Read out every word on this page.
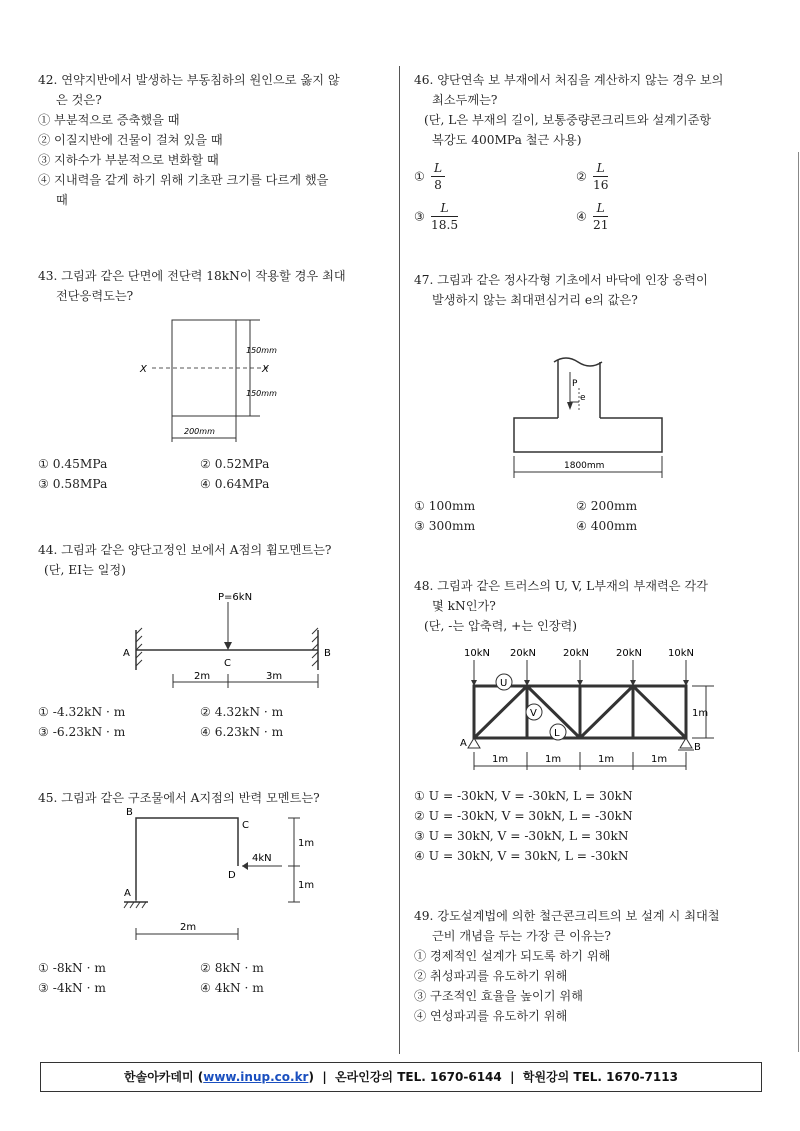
42. 연약지반에서 발생하는 부동침하의 원인으로 옳지 않

은 것은?

① 부분적으로 증축했을 때
② 이질지반에 건물이 걸쳐 있을 때
③ 지하수가 부분적으로 변화할 때
④ 지내력을 같게 하기 위해 기초판 크기를 다르게 했을
때

43. 그림과 같은 단면에 전단력 18kN이 작용할 경우 최대

전단응력도는?

X	X
150mm
150mm
200mm
① 0.45MPa	② 0.52MPa
③ 0.58MPa	④ 0.64MPa

44. 그림과 같은 양단고정인 보에서 A점의 휨모멘트는?

(단, EI는 일정)

P=6kN
A	B
C
2m	3m
① -4.32kN · m	② 4.32kN · m
③ -6.23kN · m	④ 6.23kN · m

45. 그림과 같은 구조물에서 A지점의 반력 모멘트는?

B
C
D
A
4kN
1m
1m
2m
① -8kN · m	② 8kN · m
③ -4kN · m	④ 4kN · m

46. 양단연속 보 부재에서 처짐을 계산하지 않는 경우 보의

최소두께는?

(단, L은 부재의 길이, 보통중량콘크리트와 설계기준항

복강도 400MPa 철근 사용)

① $\frac{L}{8}$	② $\frac{L}{16}$
③ $\frac{L}{18.5}$	④ $\frac{L}{21}$

47. 그림과 같은 정사각형 기초에서 바닥에 인장 응력이

발생하지 않는 최대편심거리 e의 값은?

P
e
1800mm
① 100mm	② 200mm
③ 300mm	④ 400mm

48. 그림과 같은 트러스의 U, V, L부재의 부재력은 각각

몇 kN인가?

(단, -는 압축력, +는 인장력)

10kN 20kN	20kN	20kN	10kN
U
V
L
A	B
1m
1m	1m	1m	1m
① U = -30kN, V = -30kN, L = 30kN
② U = -30kN, V = 30kN, L = -30kN
③ U = 30kN, V = -30kN, L = 30kN
④ U = 30kN, V = 30kN, L = -30kN

49. 강도설계법에 의한 철근콘크리트의 보 설계 시 최대철

근비 개념을 두는 가장 큰 이유는?

① 경제적인 설계가 되도록 하기 위해
② 취성파괴를 유도하기 위해
③ 구조적인 효율을 높이기 위해
④ 연성파괴를 유도하기 위해
한솔아카데미 (www.inup.co.kr) | 온라인강의 TEL. 1670-6144 | 학원강의 TEL. 1670-7113
